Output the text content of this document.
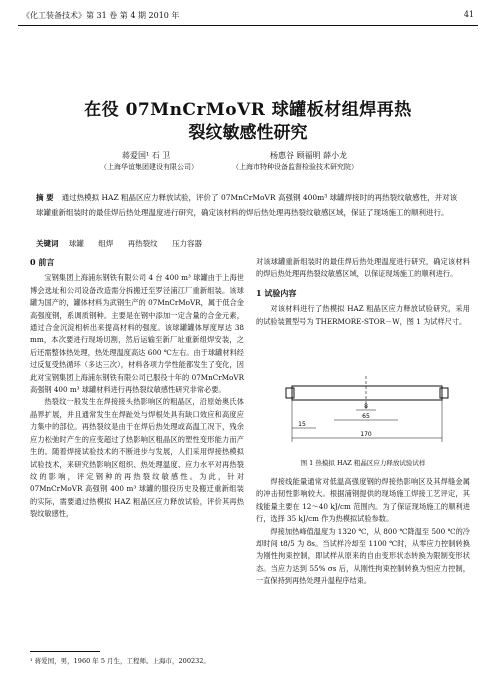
《化工装备技术》第 31 卷 第 4 期 2010 年	41
在役 07MnCrMoVR 球罐板材组焊再热
裂纹敏感性研究
蒋爱国¹ 石 卫	杨惠谷 顾福明 薛小龙
（上海华谊集团建设有限公司）	（上海市特种设备监督检验技术研究院）
摘 要 通过热模拟 HAZ 粗晶区应力释放试验，评价了 07MnCrMoVR 高强钢 400m³ 球罐焊接时的再热裂纹敏感性，并对该球罐重新组装时的最佳焊后热处理温度进行研究，确定该材料的焊后热处理再热裂纹敏感区域，保证了现场施工的顺利进行。
关键词 球罐 组焊 再热裂纹 压力容器
0 前言
宝钢集团上海浦东钢铁有限公司 4 台 400 m³ 球罐由于上海世博会选址和公司设备改造需分拆搬迁至罗泾浦江厂重新组装。该球罐为国产的，罐体材料为武钢生产的 07MnCrMoVR，属于低合金高强度钢，系调质钢种。主要是在钢中添加一定含量的合金元素，通过合金沉淀相析出来提高材料的强度。该球罐罐体厚度厚达 38 mm，本次要进行现场切割，然后运输至新厂址重新组焊安装，之后还需整体热处理，热处理温度高达 600 ℃左右。由于球罐材料经过反复受热循环（多达三次），材料各项力学性能都发生了变化，因此对宝钢集团上海浦东钢铁有限公司已服役十年的 07MnCrMoVR 高强钢 400 m³ 球罐材料进行再热裂纹敏感性研究非常必要。
热裂纹一般发生在焊接接头热影响区的粗晶区，沿原始奥氏体晶界扩展，并且通常发生在焊趾处与焊根处具有缺口效应和高度应力集中的部位。再热裂纹是由于在焊后热处理或高温工况下，残余应力松弛时产生的应变超过了热影响区粗晶区的塑性变形能力而产生的。随着焊接试验技术的不断进步与发展，人们采用焊接热模拟试验技术，来研究热影响区组织、热处理温度、应力水平对再热裂纹的影响，评定钢种的再热裂纹敏感性。为此，针对 07MnCrMoVR 高强钢 400 m³ 球罐的服役历史及搬迁重新组装的实际，需要通过热模拟 HAZ 粗晶区应力释放试验，评价其再热裂纹敏感性，
对该球罐重新组装时的最佳焊后热处理温度进行研究，确定该材料的焊后热处理再热裂纹敏感区域，以保证现场施工的顺利进行。
1 试验内容
对该材料进行了热模拟 HAZ 粗晶区应力释放试验研究，采用的试验装置型号为 THERMORE-STOR－W，图 1 为试样尺寸。
8
65
15
170
图 1 热模拟 HAZ 粗晶区应力释放试验试样
焊接线能量通常对低温高强度钢的焊接热影响区及其焊缝金属的冲击韧性影响较大。根据浦钢提供的现场施工焊接工艺评定，其线能量主要在 12～40 kJ/cm 范围内。为了保证现场施工的顺利进行，选择 35 kJ/cm 作为热模拟试验参数。
焊接加热峰值温度为 1320 ℃，从 800 ℃降温至 500 ℃的冷却时间 t8/5 为 8s。当试样冷却至 1100 ℃时，从零应力控制转换为刚性拘束控制，即试样从原来的自由变形状态转换为限制变形状态。当应力达到 55% σs 后，从刚性拘束控制转换为恒应力控制，一直保持到再热处理升温程序结束。
¹ 蒋爱国，男，1960 年 5 月生，工程师。上海市，200232。
